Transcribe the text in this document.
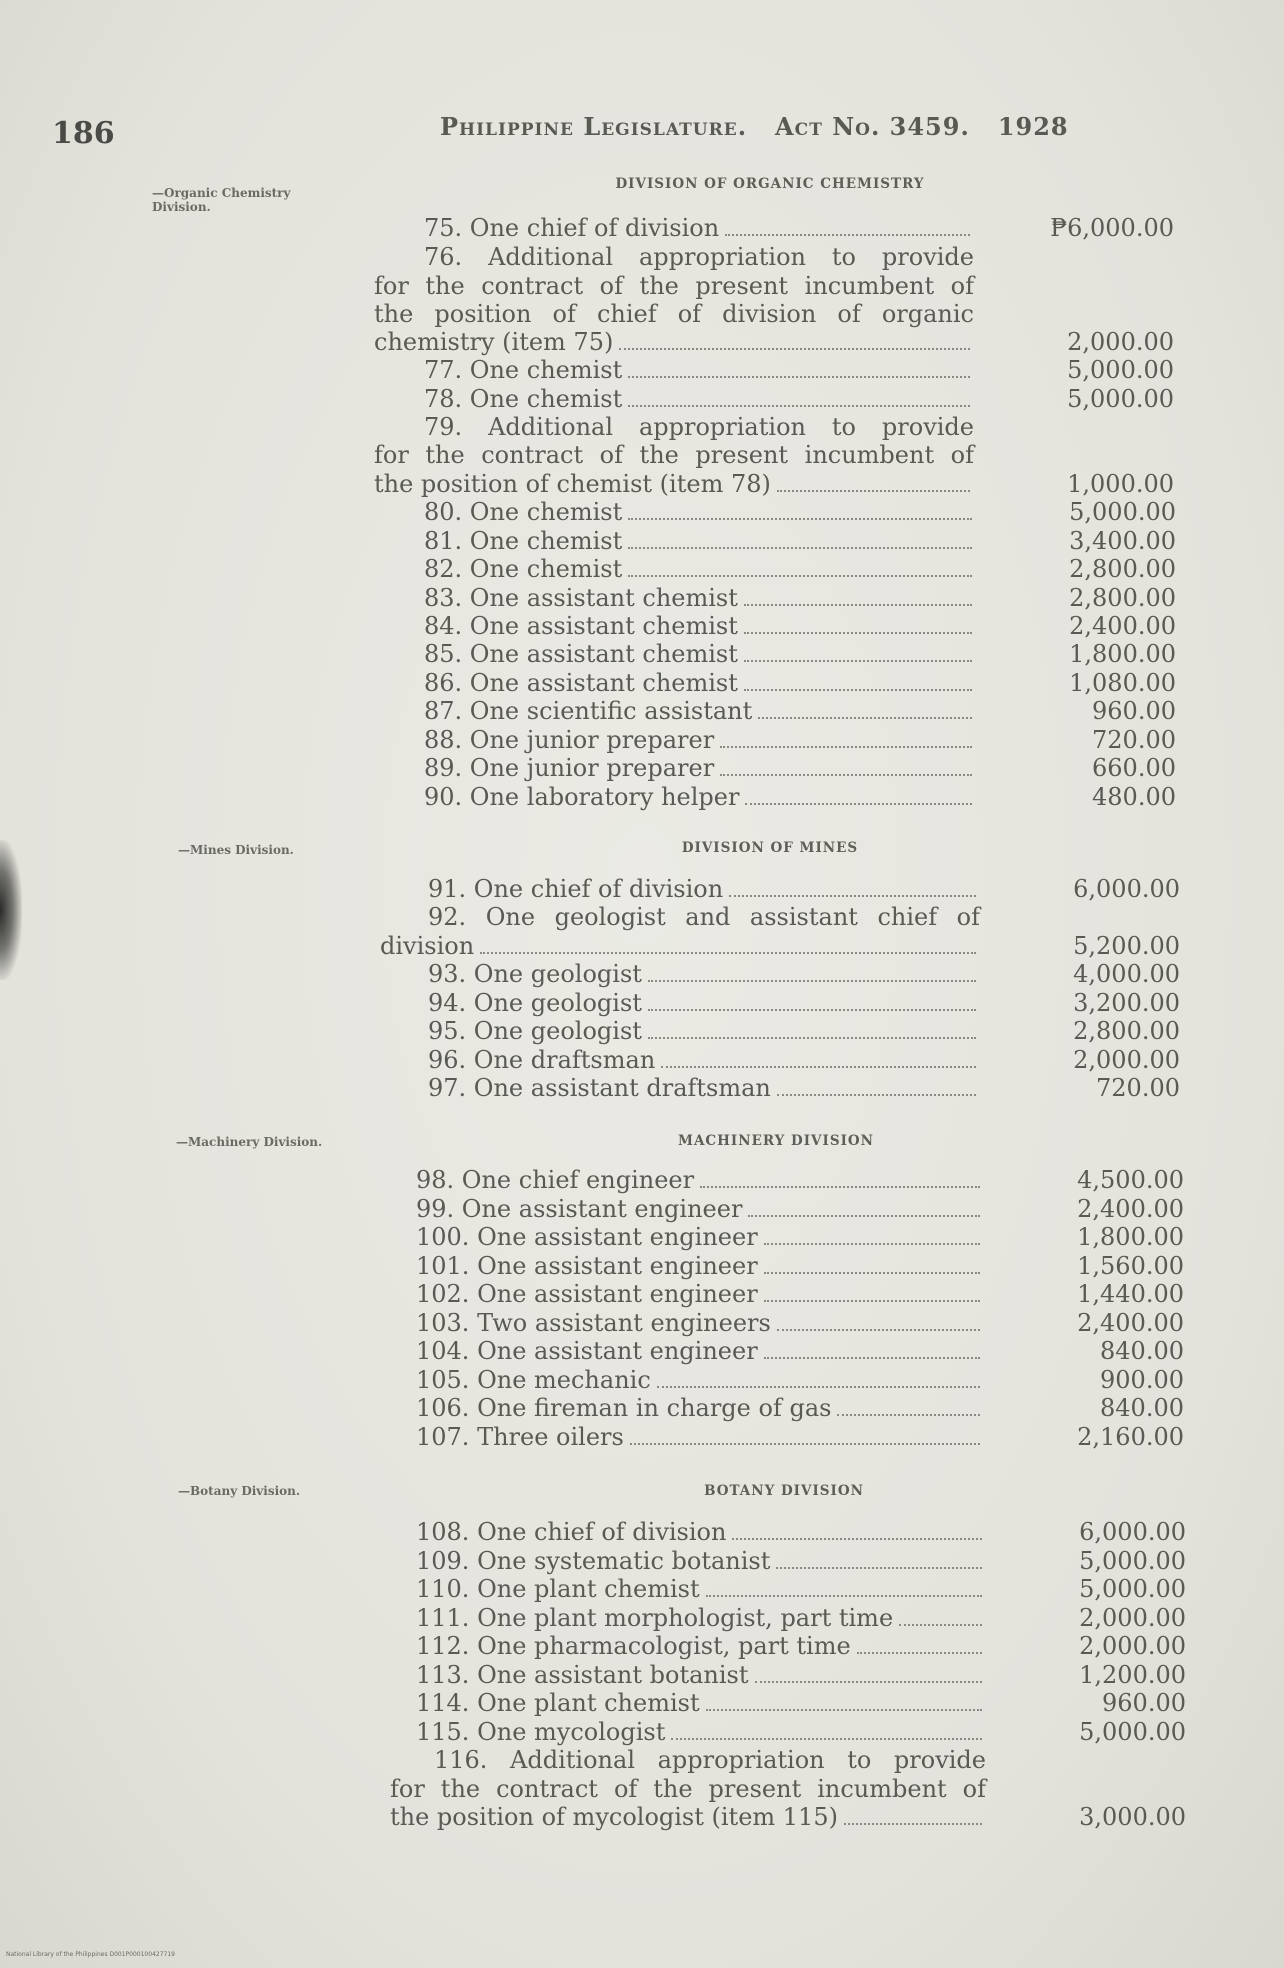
186	Philippine Legislature. Act No. 3459. 1928
—Organic Chemistry
Division.
—Mines Division.
—Machinery Division.
—Botany Division.
DIVISION OF ORGANIC CHEMISTRY
DIVISION OF MINES
MACHINERY DIVISION
BOTANY DIVISION
75. One chief of division	₱6,000.00
76. Additional appropriation to provide
for the contract of the present incumbent of
the position of chief of division of organic
chemistry (item 75)	2,000.00
77. One chemist	5,000.00
78. One chemist	5,000.00
79. Additional appropriation to provide
for the contract of the present incumbent of
the position of chemist (item 78)	1,000.00
80. One chemist	5,000.00
81. One chemist	3,400.00
82. One chemist	2,800.00
83. One assistant chemist	2,800.00
84. One assistant chemist	2,400.00
85. One assistant chemist	1,800.00
86. One assistant chemist	1,080.00
87. One scientific assistant	960.00
88. One junior preparer	720.00
89. One junior preparer	660.00
90. One laboratory helper	480.00
91. One chief of division	6,000.00
92. One geologist and assistant chief of
division	5,200.00
93. One geologist	4,000.00
94. One geologist	3,200.00
95. One geologist	2,800.00
96. One draftsman	2,000.00
97. One assistant draftsman	720.00
98. One chief engineer	4,500.00
99. One assistant engineer	2,400.00
100. One assistant engineer	1,800.00
101. One assistant engineer	1,560.00
102. One assistant engineer	1,440.00
103. Two assistant engineers	2,400.00
104. One assistant engineer	840.00
105. One mechanic	900.00
106. One fireman in charge of gas	840.00
107. Three oilers	2,160.00
108. One chief of division	6,000.00
109. One systematic botanist	5,000.00
110. One plant chemist	5,000.00
111. One plant morphologist, part time	2,000.00
112. One pharmacologist, part time	2,000.00
113. One assistant botanist	1,200.00
114. One plant chemist	960.00
115. One mycologist	5,000.00
116. Additional appropriation to provide
for the contract of the present incumbent of
the position of mycologist (item 115)	3,000.00
National Library of the Philippines D001P000100427719
